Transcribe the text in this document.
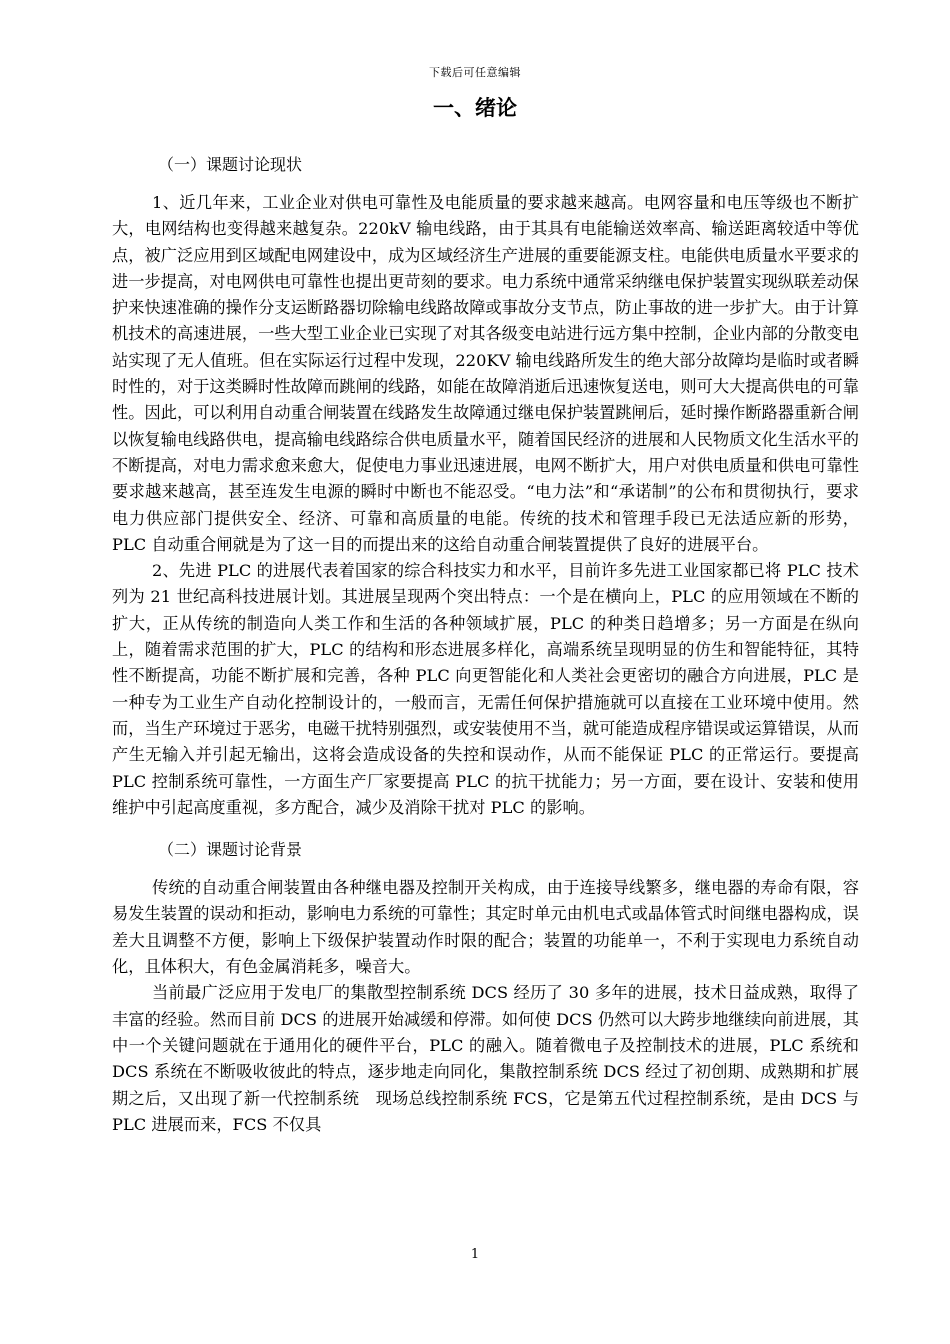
下载后可任意编辑
一、绪论

（一）课题讨论现状

1、近几年来，工业企业对供电可靠性及电能质量的要求越来越高。电网容量和电压等级也不断扩大，电网结构也变得越来越复杂。220kV 输电线路，由于其具有电能输送效率高、输送距离较适中等优点，被广泛应用到区域配电网建设中，成为区域经济生产进展的重要能源支柱。电能供电质量水平要求的进一步提高，对电网供电可靠性也提出更苛刻的要求。电力系统中通常采纳继电保护装置实现纵联差动保护来快速准确的操作分支运断路器切除输电线路故障或事故分支节点，防止事故的进一步扩大。由于计算机技术的高速进展，一些大型工业企业已实现了对其各级变电站进行远方集中控制，企业内部的分散变电站实现了无人值班。但在实际运行过程中发现，220KV 输电线路所发生的绝大部分故障均是临时或者瞬时性的，对于这类瞬时性故障而跳闸的线路，如能在故障消逝后迅速恢复送电，则可大大提高供电的可靠性。因此，可以利用自动重合闸装置在线路发生故障通过继电保护装置跳闸后，延时操作断路器重新合闸以恢复输电线路供电，提高输电线路综合供电质量水平，随着国民经济的进展和人民物质文化生活水平的不断提高，对电力需求愈来愈大，促使电力事业迅速进展，电网不断扩大，用户对供电质量和供电可靠性要求越来越高，甚至连发生电源的瞬时中断也不能忍受。“电力法”和“承诺制”的公布和贯彻执行，要求电力供应部门提供安全、经济、可靠和高质量的电能。传统的技术和管理手段已无法适应新的形势，PLC 自动重合闸就是为了这一目的而提出来的这给自动重合闸装置提供了良好的进展平台。

2、先进 PLC 的进展代表着国家的综合科技实力和水平，目前许多先进工业国家都已将 PLC 技术列为 21 世纪高科技进展计划。其进展呈现两个突出特点：一个是在横向上，PLC 的应用领域在不断的扩大，正从传统的制造向人类工作和生活的各种领域扩展，PLC 的种类日趋增多；另一方面是在纵向上，随着需求范围的扩大，PLC 的结构和形态进展多样化，高端系统呈现明显的仿生和智能特征，其特性不断提高，功能不断扩展和完善，各种 PLC 向更智能化和人类社会更密切的融合方向进展，PLC 是一种专为工业生产自动化控制设计的，一般而言，无需任何保护措施就可以直接在工业环境中使用。然而，当生产环境过于恶劣，电磁干扰特别强烈，或安装使用不当，就可能造成程序错误或运算错误，从而产生无输入并引起无输出，这将会造成设备的失控和误动作，从而不能保证 PLC 的正常运行。要提高 PLC 控制系统可靠性，一方面生产厂家要提高 PLC 的抗干扰能力；另一方面，要在设计、安装和使用维护中引起高度重视，多方配合，减少及消除干扰对 PLC 的影响。

（二）课题讨论背景

传统的自动重合闸装置由各种继电器及控制开关构成，由于连接导线繁多，继电器的寿命有限，容易发生装置的误动和拒动，影响电力系统的可靠性；其定时单元由机电式或晶体管式时间继电器构成，误差大且调整不方便，影响上下级保护装置动作时限的配合；装置的功能单一，不利于实现电力系统自动化，且体积大，有色金属消耗多，噪音大。

当前最广泛应用于发电厂的集散型控制系统 DCS 经历了 30 多年的进展，技术日益成熟，取得了丰富的经验。然而目前 DCS 的进展开始减缓和停滞。如何使 DCS 仍然可以大跨步地继续向前进展，其中一个关键问题就在于通用化的硬件平台，PLC 的融入。随着微电子及控制技术的进展，PLC 系统和 DCS 系统在不断吸收彼此的特点，逐步地走向同化，集散控制系统 DCS 经过了初创期、成熟期和扩展期之后，又出现了新一代控制系统　现场总线控制系统 FCS，它是第五代过程控制系统，是由 DCS 与 PLC 进展而来，FCS 不仅具

1
